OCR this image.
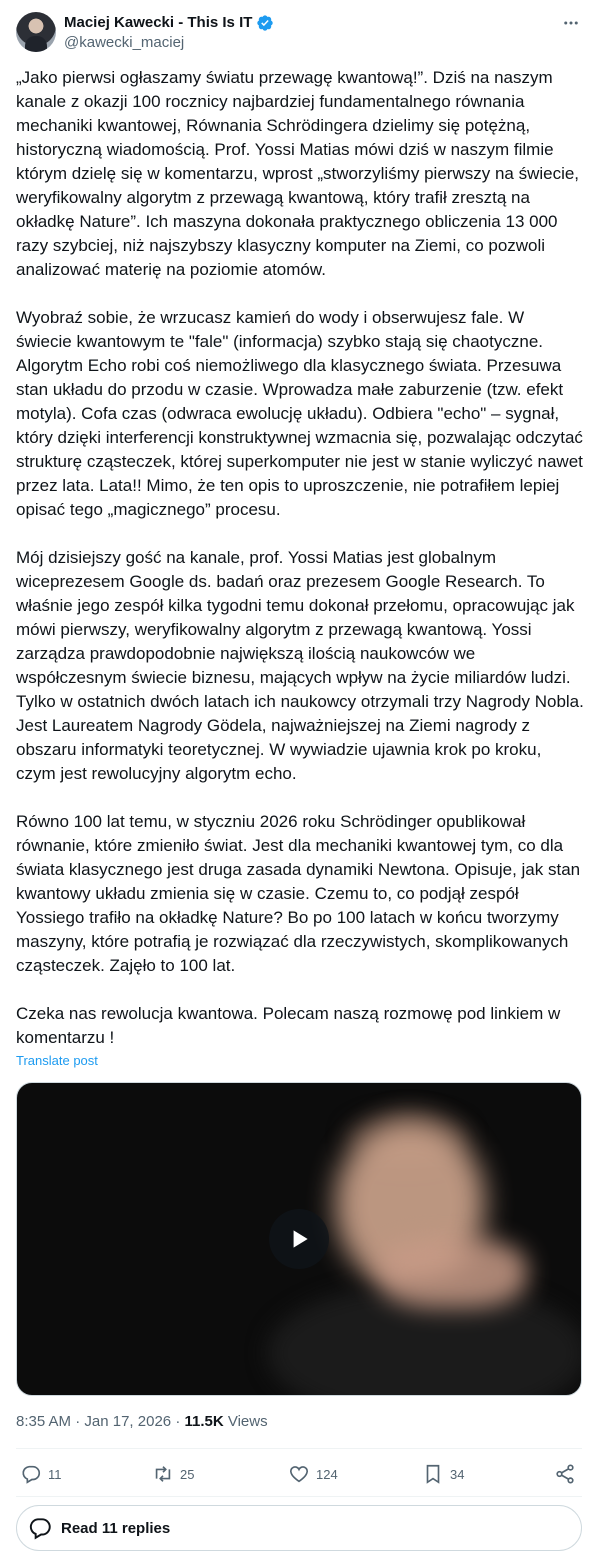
Maciej Kawecki - This Is IT
@kawecki_maciej

„Jako pierwsi ogłaszamy światu przewagę kwantową!”. Dziś na naszym kanale z okazji 100 rocznicy najbardziej fundamentalnego równania mechaniki kwantowej, Równania Schrödingera dzielimy się potężną, historyczną wiadomością. Prof. Yossi Matias mówi dziś w naszym filmie którym dzielę się w komentarzu, wprost „stworzyliśmy pierwszy na świecie, weryfikowalny algorytm z przewagą kwantową, który trafił zresztą na okładkę Nature”. Ich maszyna dokonała praktycznego obliczenia 13 000 razy szybciej, niż najszybszy klasyczny komputer na Ziemi, co pozwoli analizować materię na poziomie atomów.

Wyobraź sobie, że wrzucasz kamień do wody i obserwujesz fale. W świecie kwantowym te "fale" (informacja) szybko stają się chaotyczne. Algorytm Echo robi coś niemożliwego dla klasycznego świata. Przesuwa stan układu do przodu w czasie. Wprowadza małe zaburzenie (tzw. efekt motyla). Cofa czas (odwraca ewolucję układu). Odbiera "echo" – sygnał, który dzięki interferencji konstruktywnej wzmacnia się, pozwalając odczytać strukturę cząsteczek, której superkomputer nie jest w stanie wyliczyć nawet przez lata. Lata!! Mimo, że ten opis to uproszczenie, nie potrafiłem lepiej opisać tego „magicznego” procesu.

Mój dzisiejszy gość na kanale, prof. Yossi Matias jest globalnym wiceprezesem Google ds. badań oraz prezesem Google Research. To właśnie jego zespół kilka tygodni temu dokonał przełomu, opracowując jak mówi pierwszy, weryfikowalny algorytm z przewagą kwantową. Yossi zarządza prawdopodobnie największą ilością naukowców we współczesnym świecie biznesu, mających wpływ na życie miliardów ludzi. Tylko w ostatnich dwóch latach ich naukowcy otrzymali trzy Nagrody Nobla. Jest Laureatem Nagrody Gödela, najważniejszej na Ziemi nagrody z obszaru informatyki teoretycznej. W wywiadzie ujawnia krok po kroku, czym jest rewolucyjny algorytm echo.

Równo 100 lat temu, w styczniu 2026 roku Schrödinger opublikował równanie, które zmieniło świat. Jest dla mechaniki kwantowej tym, co dla świata klasycznego jest druga zasada dynamiki Newtona. Opisuje, jak stan kwantowy układu zmienia się w czasie. Czemu to, co podjął zespół Yossiego trafiło na okładkę Nature? Bo po 100 latach w końcu tworzymy maszyny, które potrafią je rozwiązać dla rzeczywistych, skomplikowanych cząsteczek. Zajęło to 100 lat.

Czeka nas rewolucja kwantowa. Polecam naszą rozmowę pod linkiem w komentarzu !

Translate post
8:35 AM · Jan 17, 2026 · 11.5K Views
11	25	124	34
Read 11 replies
